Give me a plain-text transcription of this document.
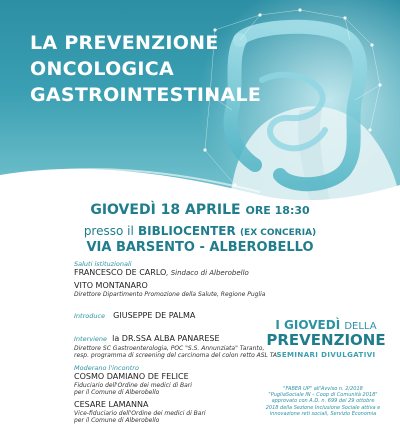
LA PREVENZIONE
ONCOLOGICA
GASTROINTESTINALE
GIOVEDÌ 18 APRILE ORE 18:30
presso il BIBLIOCENTER (EX CONCERIA)
VIA BARSENTO - ALBEROBELLO
Saluti istituzionali
FRANCESCO DE CARLO, Sindaco di Alberobello
VITO MONTANARO
Direttore Dipartimento Promozione della Salute, Regione Puglia
Introduce GIUSEPPE DE PALMA
Interviene la DR.SSA ALBA PANARESE
Direttore SC Gastroenterologia, POC "S.S. Annunziata" Taranto,
resp. programma di screening del carcinoma del colon retto ASL TA
Moderano l'incontro
COSMO DAMIANO DE FELICE
Fiduciario dell'Ordine dei medici di Bari
per il Comune di Alberobello
CESARE LAMANNA
Vice-fiduciario dell'Ordine dei medici di Bari
per il Comune di Alberobello
I GIOVEDÌ DELLA
PREVENZIONE
SEMINARI DIVULGATIVI
"FABER UP" all'Avviso n. 2/2018
"PugliaSociale IN – Coop di Comunità 2018"
approvato con A.D. n. 699 del 29 ottobre
2018 della Sezione Inclusione Sociale attiva e
innovazione reti sociali, Servizio Economia
